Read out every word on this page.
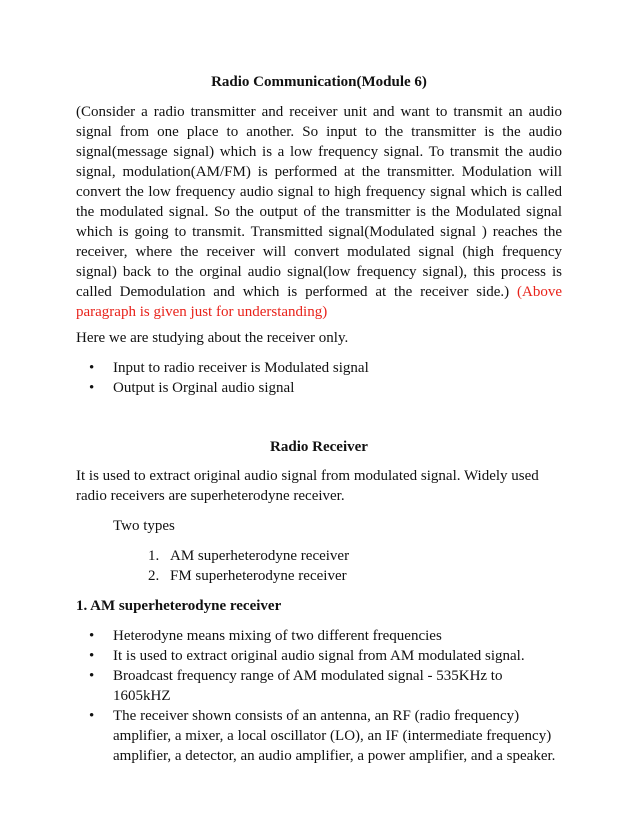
Radio Communication(Module 6)

(Consider a radio transmitter and receiver unit and want to transmit an audio signal from one place to another. So input to the transmitter is the audio signal(message signal) which is a low frequency signal. To transmit the audio signal, modulation(AM/FM) is performed at the transmitter. Modulation will convert the low frequency audio signal to high frequency signal which is called the modulated signal. So the output of the transmitter is the Modulated signal which is going to transmit. Transmitted signal(Modulated signal ) reaches the receiver, where the receiver will convert modulated signal (high frequency signal) back to the orginal audio signal(low frequency signal), this process is called Demodulation and which is performed at the receiver side.) (Above paragraph is given just for understanding)

Here we are studying about the receiver only.

• Input to radio receiver is Modulated signal
• Output is Orginal audio signal
Radio Receiver

It is used to extract original audio signal from modulated signal. Widely used radio receivers are superheterodyne receiver.

Two types

1. AM superheterodyne receiver
2. FM superheterodyne receiver

1. AM superheterodyne receiver

• Heterodyne means mixing of two different frequencies
• It is used to extract original audio signal from AM modulated signal.
• Broadcast frequency range of AM modulated signal - 535KHz to 1605kHZ
• The receiver shown consists of an antenna, an RF (radio frequency) amplifier, a mixer, a local oscillator (LO), an IF (intermediate frequency) amplifier, a detector, an audio amplifier, a power amplifier, and a speaker.
